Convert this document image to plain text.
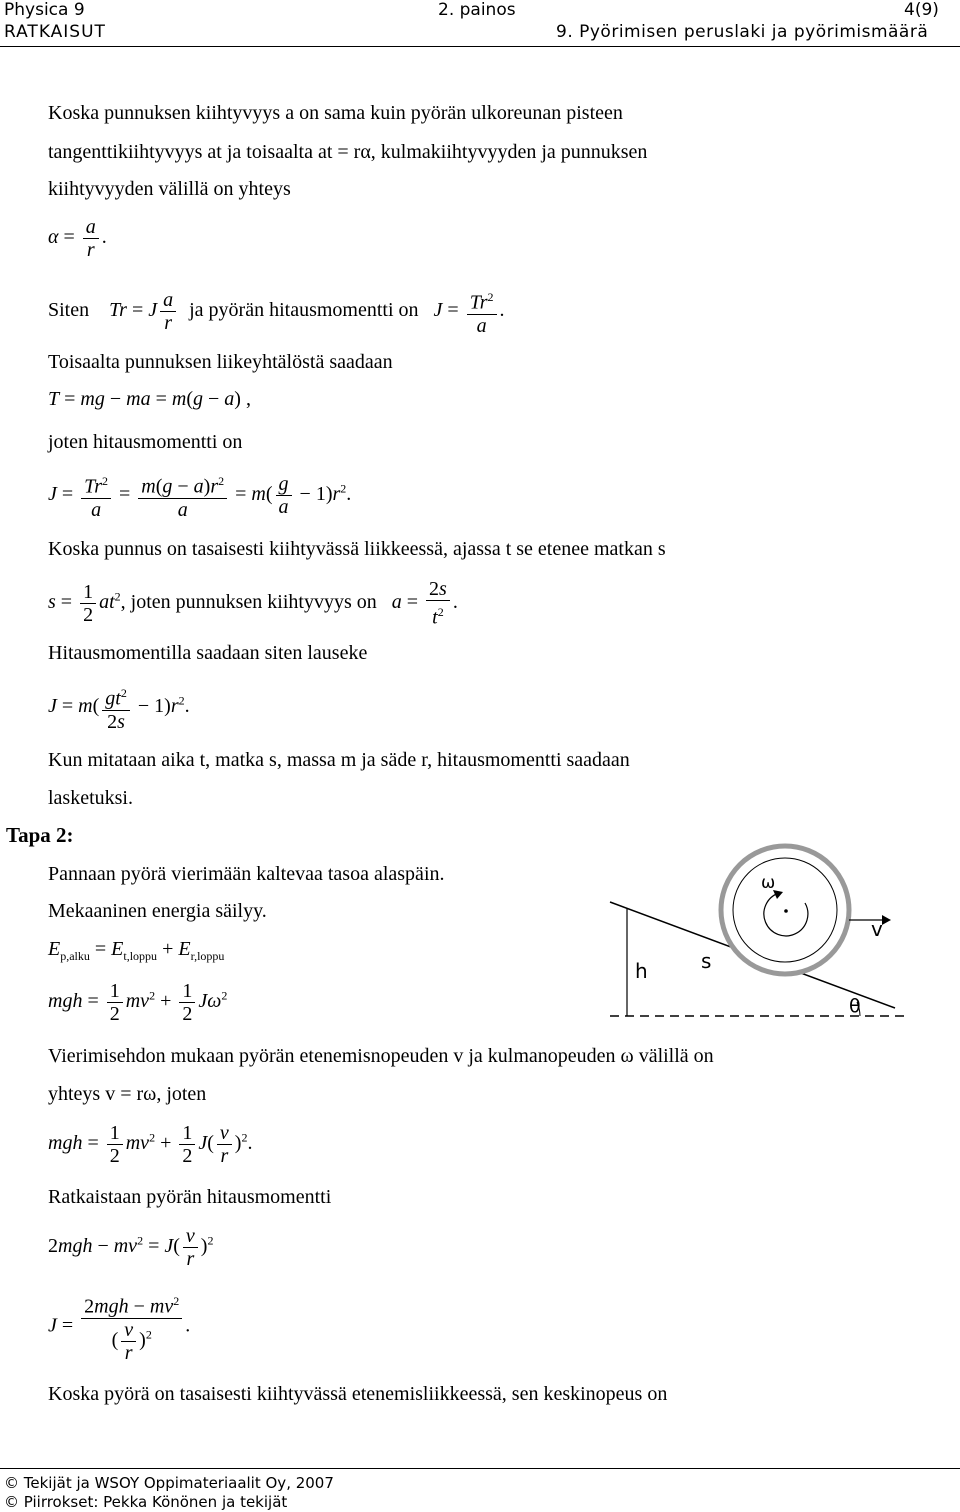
Physica 9	2. painos	4(9)
RATKAISUT	9. Pyörimisen peruslaki ja pyörimismäärä
Koska punnuksen kiihtyvyys a on sama kuin pyörän ulkoreunan pisteen
tangenttikiihtyvyys at ja toisaalta at = rα, kulmakiihtyvyyden ja punnuksen
kiihtyvyyden välillä on yhteys
$\alpha = \frac{a}{r}$ .
Siten Tr = J $\frac{a}{r}$ ja pyörän hitausmomentti on $J = \frac{Tr^2}{a}$ .
Toisaalta punnuksen liikeyhtälöstä saadaan
T = mg − ma = m(g − a) ,
joten hitausmomentti on
$J = \frac{Tr^2}{a} = \frac{m(g - a)r^2}{a} = m( \frac{g}{a} - 1)r^2$.
Koska punnus on tasaisesti kiihtyvässä liikkeessä, ajassa t se etenee matkan s
$s = \frac{1}{2} at^2$, joten punnuksen kiihtyvyys on $a = \frac{2s}{t^2}$ .
Hitausmomentilla saadaan siten lauseke
$J = m( \frac{gt^2}{2s} - 1)r^2$.
Kun mitataan aika t, matka s, massa m ja säde r, hitausmomentti saadaan
lasketuksi.
Tapa 2:
Pannaan pyörä vierimään kaltevaa tasoa alaspäin.
Mekaaninen energia säilyy.
$E_{p,alku} = E_{t,loppu} + E_{r,loppu}$
mgh = $\frac{1}{2} mv^2 + \frac{1}{2} J\omega^2$
ω
v
h	s
θ
Vierimisehdon mukaan pyörän etenemisnopeuden v ja kulmanopeuden ω välillä on
yhteys v = rω, joten
mgh = $\frac{1}{2} mv^2 + \frac{1}{2} J( \frac{v}{r} )^2$.
Ratkaistaan pyörän hitausmomentti
$2mgh - mv^2 = J( \frac{v}{r} )^2$
$J = \frac{2mgh - mv^2}{( \frac{v}{r} )^2}$ .
Koska pyörä on tasaisesti kiihtyvässä etenemisliikkeessä, sen keskinopeus on
© Tekijät ja WSOY Oppimateriaalit Oy, 2007
© Piirrokset: Pekka Könönen ja tekijät
